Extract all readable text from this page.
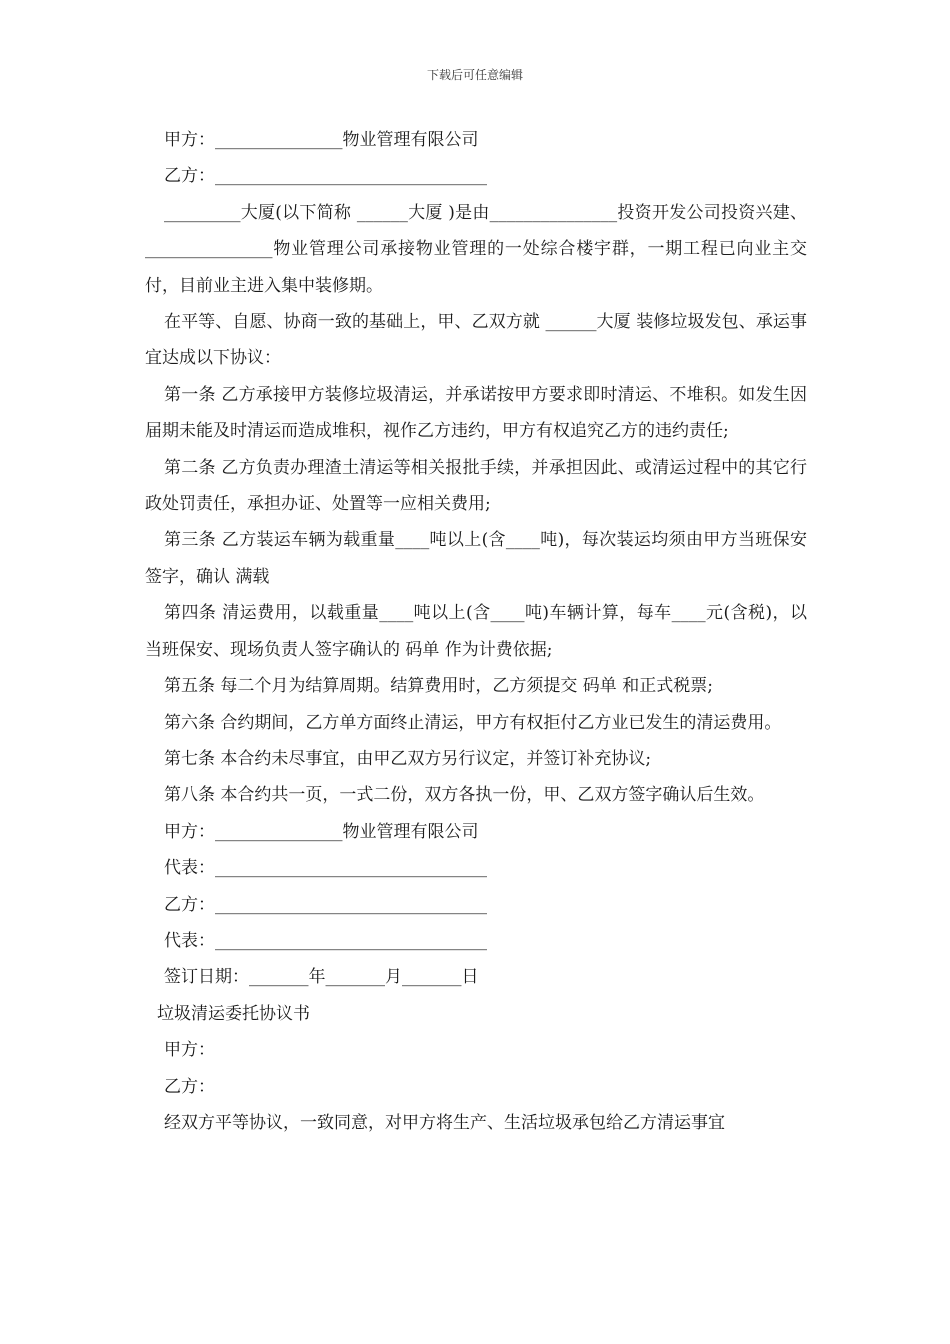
下载后可任意编辑

甲方：_______________物业管理有限公司

乙方：________________________________

_________大厦(以下简称 ______大厦 )是由_______________投资开发公司投资兴建、_______________物业管理公司承接物业管理的一处综合楼宇群，一期工程已向业主交付，目前业主进入集中装修期。

在平等、自愿、协商一致的基础上，甲、乙双方就 ______大厦 装修垃圾发包、承运事宜达成以下协议：

第一条 乙方承接甲方装修垃圾清运，并承诺按甲方要求即时清运、不堆积。如发生因届期未能及时清运而造成堆积，视作乙方违约，甲方有权追究乙方的违约责任;

第二条 乙方负责办理渣土清运等相关报批手续，并承担因此、或清运过程中的其它行政处罚责任，承担办证、处置等一应相关费用;

第三条 乙方装运车辆为载重量____吨以上(含____吨)，每次装运均须由甲方当班保安签字，确认 满载

第四条 清运费用，以载重量____吨以上(含____吨)车辆计算，每车____元(含税)，以当班保安、现场负责人签字确认的 码单 作为计费依据;

第五条 每二个月为结算周期。结算费用时，乙方须提交 码单 和正式税票;

第六条 合约期间，乙方单方面终止清运，甲方有权拒付乙方业已发生的清运费用。

第七条 本合约未尽事宜，由甲乙双方另行议定，并签订补充协议;

第八条 本合约共一页，一式二份，双方各执一份，甲、乙双方签字确认后生效。

甲方：_______________物业管理有限公司

代表：________________________________

乙方：________________________________

代表：________________________________

签订日期：_______年_______月_______日

垃圾清运委托协议书

甲方：

乙方：

经双方平等协议，一致同意，对甲方将生产、生活垃圾承包给乙方清运事宜
